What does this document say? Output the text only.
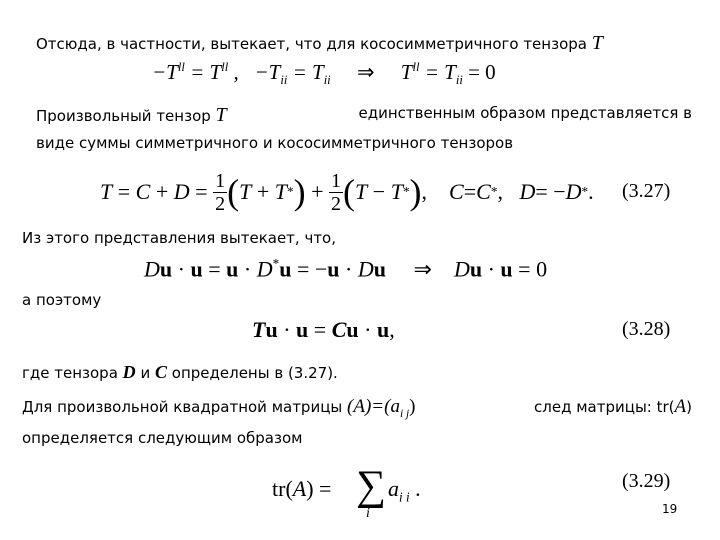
Отсюда, в частности, вытекает, что для кососимметричного тензора T
$-T^{ll} = T^{ll}$ ,   $-T_{ii} = T_{ii}$     ⇒     $T^{ll} = T_{ii} = 0$
Произвольный тензор T	единственным образом представляется в
виде суммы симметричного и кососимметричного тензоров
$T = C + D = \frac{1}{2}$ ( T + T * ) + $\frac{1}{2}$ ( T − T * ) , C = C * , D = − D * . (3.27)
Из этого представления вытекает, что,
Du · u = u · D*u = −u · Du     ⇒    Du · u = 0
а поэтому
Tu · u = Cu · u,	(3.28)
где тензора D и C определены в (3.27).
Для произвольной квадратной матрицы $(A)=(a_{i j})$	след матрицы: tr(A)
определяется следующим образом
tr(A) = ∑
i
$a_{i i}$ .	(3.29)
19
